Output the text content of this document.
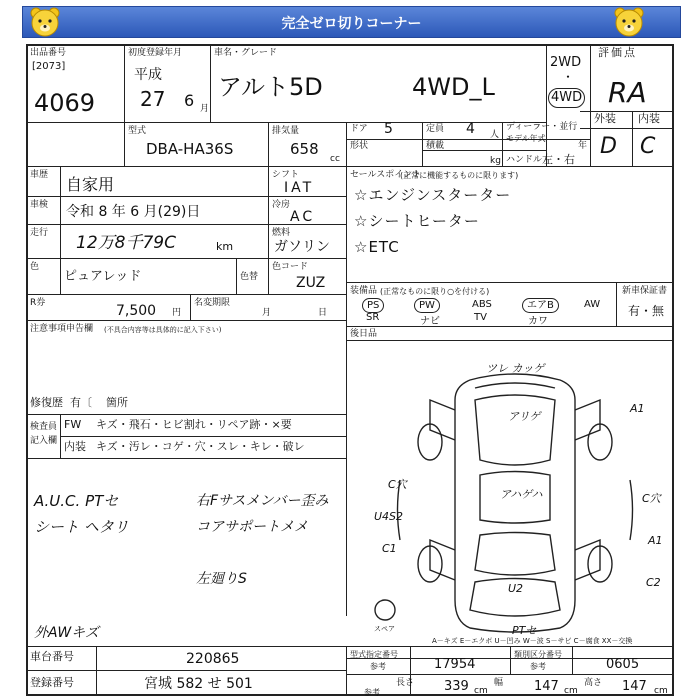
完全ゼロ切りコーナー
出品番号
[2073]
4069
初度登録年月
平成
27 6 月
車名・グレード
アルト5D	4WD_L
2WD
・
4WD
評価点
RA
外装 内装
D C
型式
DBA-HA36S
排気量
658
cc
ドア 5
形状
定員 4 人
積載
kg
ディーラー・並行
モデル年式
年
ハンドル 左・右
車歴 自家用	シフト
IAT
車検 令和 8 年 6 月(29)日	冷房
AC
走行 12万8千79C	km
燃料
ガソリン
色
ピュアレッド	色替
色コード
ZUZ
R券	7,500 円
名変期限
月	日
注意事項申告欄 (不具合内容等は具体的に記入下さい)
修復歴 有〔 箇所
検査員
記入欄
FW キズ・飛石・ヒビ割れ・リペア跡・×要
内装 キズ・汚レ・コゲ・穴・スレ・キレ・破レ
A.U.C. PTセ
シート ヘタリ
右Fサスメンバー歪み
コアサポートメメ
左廻りS
外AWキズ
セールスポイント
(正常に機能するものに限ります)
☆エンジンスターター
☆シートヒーター
☆ETC
装備品 (正常なものに限り○を付ける)
PS	PW	ABS	エアB	AW
SR	ナビ	TV	カワ
新車保証書
有・無
後日品
ツレ カッゲ
アリゲ
アハゲハ
A1
C穴
U4S2
C1
C穴
A1
C2
U2
PTセ
スペア
A－キズ E－エクボ U－凹み W－波 S－サビ C－腐食 XX－交換
車台番号	220865
登録番号	宮城 582 せ 501
型式指定番号
参考	17954
類別区分番号
参考	0605
長さ
参考	339 cm
幅 147 cm
高さ 147 cm
